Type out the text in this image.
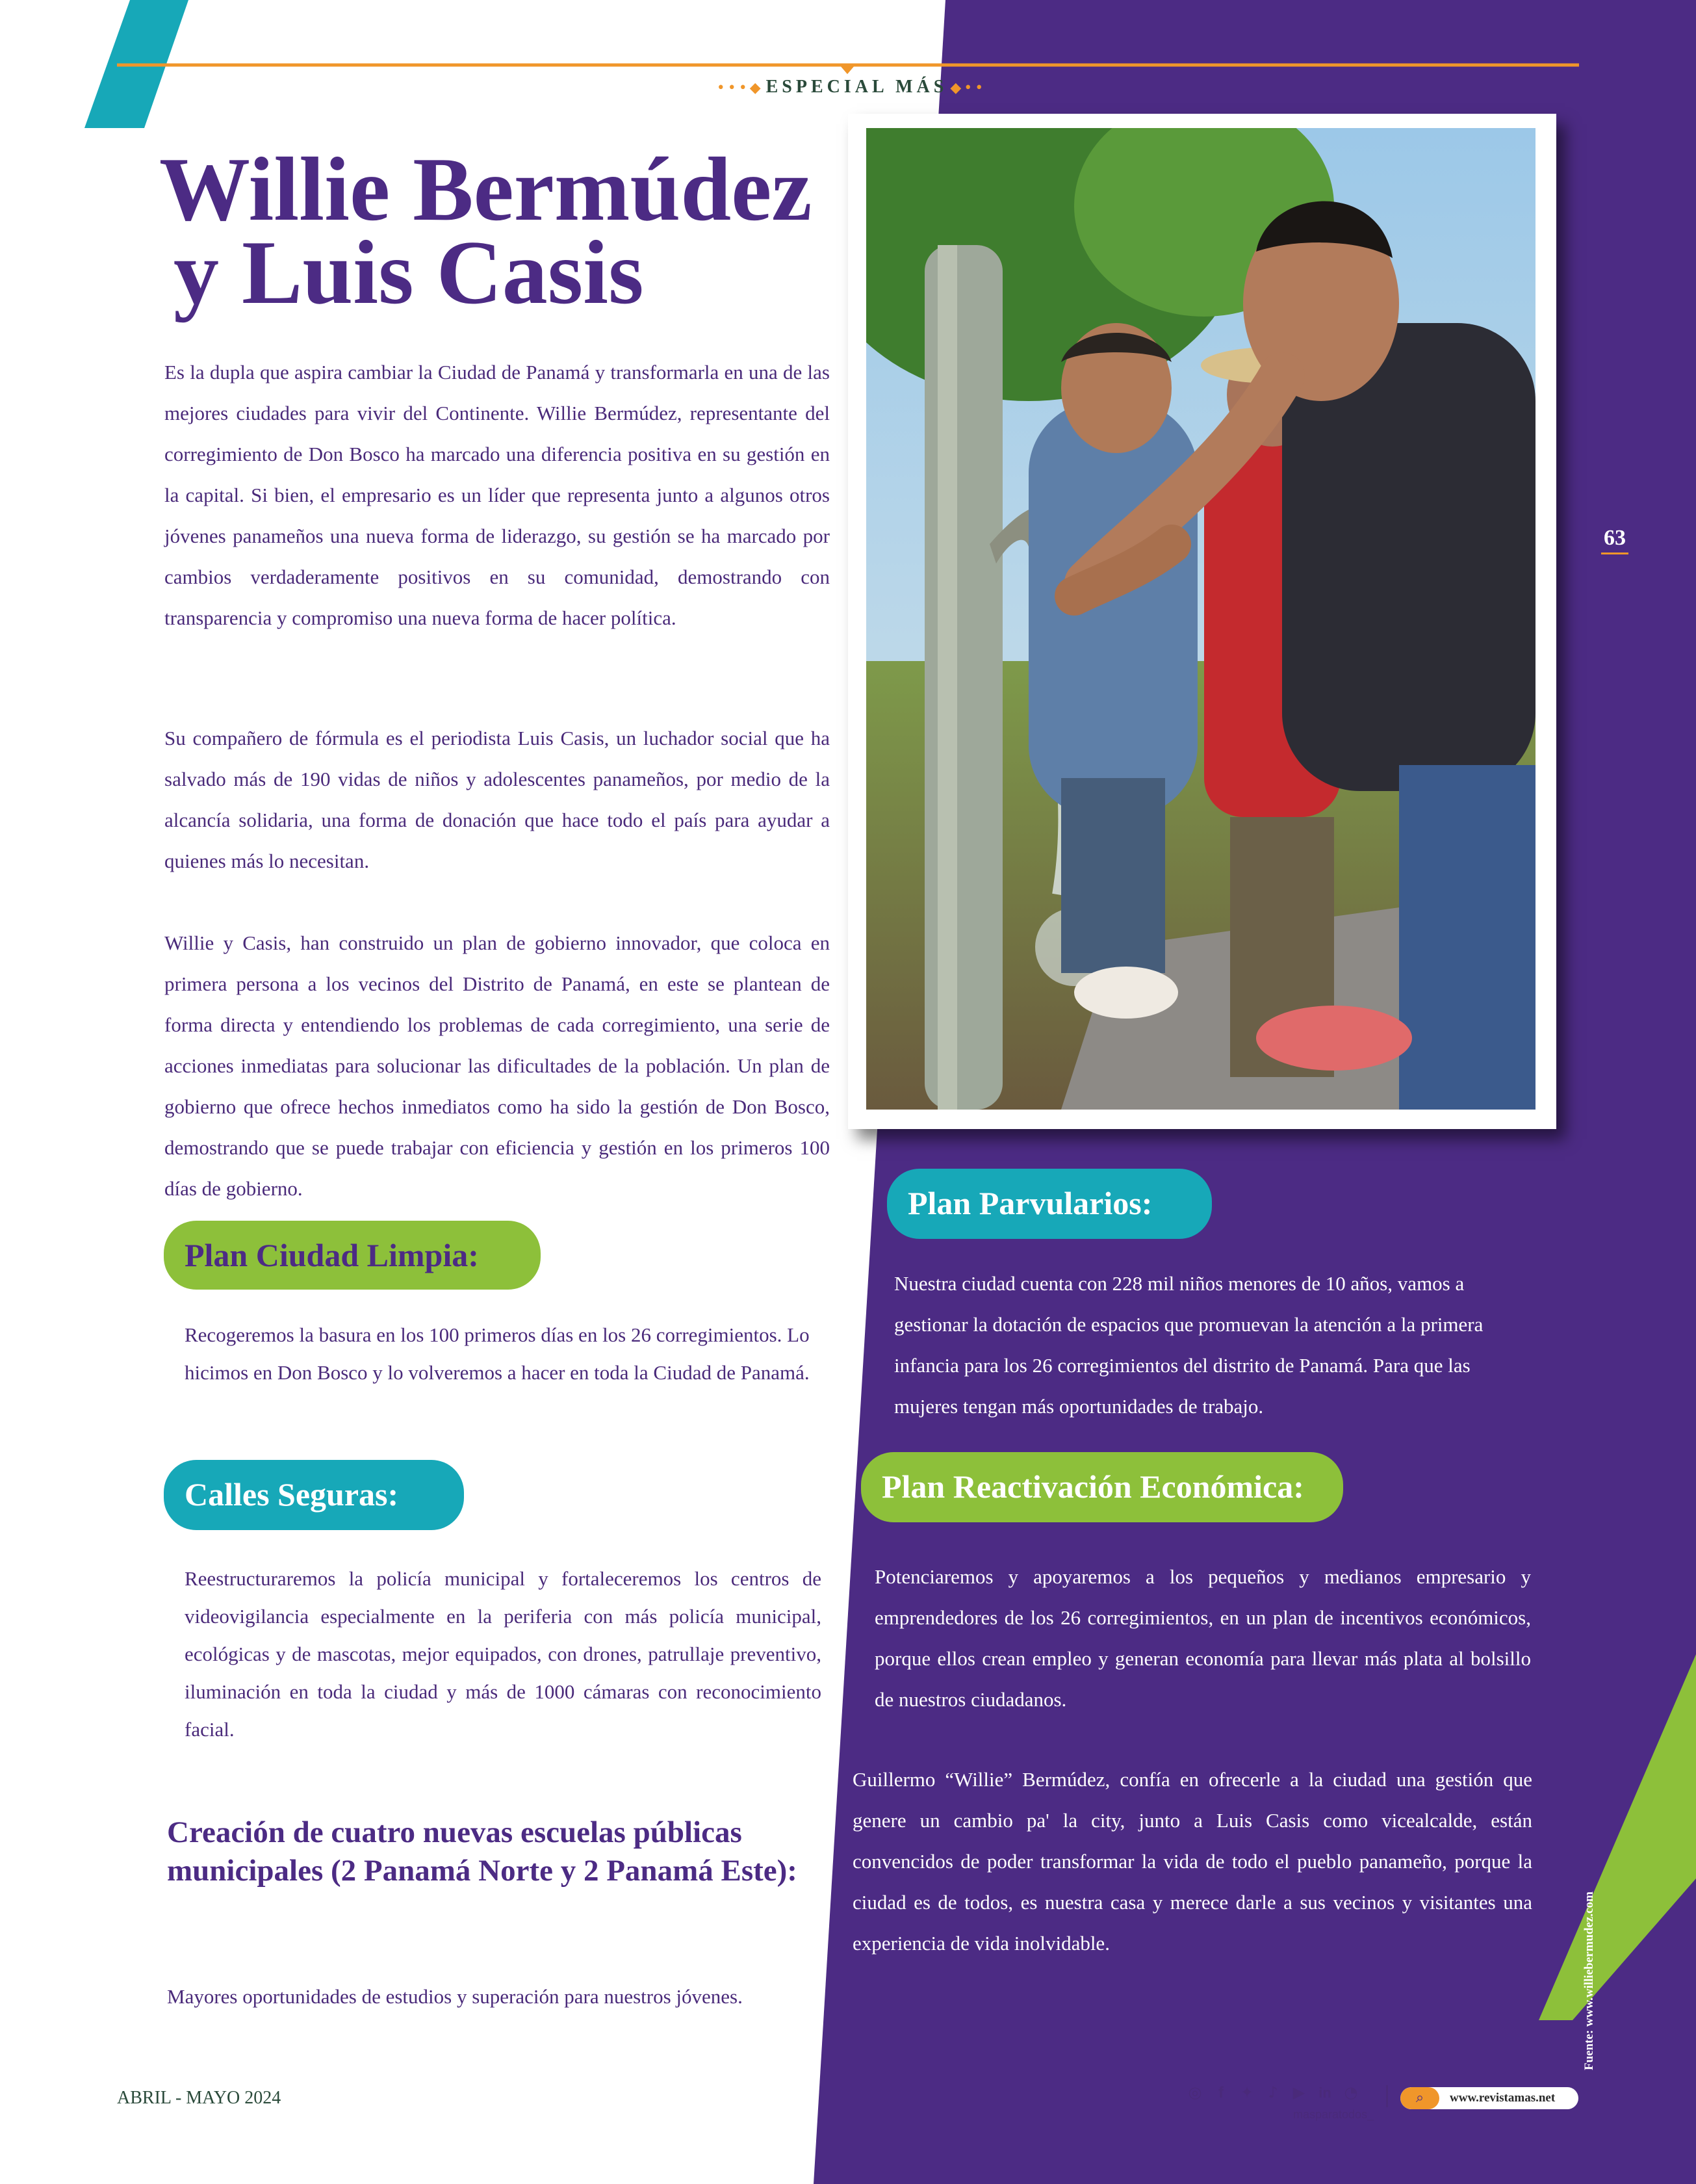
•••◆ ESPECIAL MÁS ◆••
63
Willie Bermúdez
y Luis Casis

Es la dupla que aspira cambiar la Ciudad de Panamá y transformarla en una de las mejores ciudades para vivir del Continente. Willie Bermúdez, representante del corregimiento de Don Bosco ha marcado una diferencia positiva en su gestión en la capital. Si bien, el empresario es un líder que representa junto a algunos otros jóvenes panameños una nueva forma de liderazgo, su gestión se ha marcado por cambios verdaderamente positivos en su comunidad, demostrando con transparencia y compromiso una nueva forma de hacer política.

Su compañero de fórmula es el periodista Luis Casis, un luchador social que ha salvado más de 190 vidas de niños y adolescentes panameños, por medio de la alcancía solidaria, una forma de donación que hace todo el país para ayudar a quienes más lo necesitan.

Willie y Casis, han construido un plan de gobierno innovador, que coloca en primera persona a los vecinos del Distrito de Panamá, en este se plantean de forma directa y entendiendo los problemas de cada corregimiento, una serie de acciones inmediatas para solucionar las dificultades de la población. Un plan de gobierno que ofrece hechos inmediatos como ha sido la gestión de Don Bosco, demostrando que se puede trabajar con eficiencia y gestión en los primeros 100 días de gobierno.

Plan Ciudad Limpia:

Recogeremos la basura en los 100 primeros días en los 26 corregimientos. Lo hicimos en Don Bosco y lo volveremos a hacer en toda la Ciudad de Panamá.

Calles Seguras:

Reestructuraremos la policía municipal y fortaleceremos los centros de videovigilancia especialmente en la periferia con más policía municipal, ecológicas y de mascotas, mejor equipados, con drones, patrullaje preventivo, iluminación en toda la ciudad y más de 1000 cámaras con reconocimiento facial.

Creación de cuatro nuevas escuelas públicas municipales (2 Panamá Norte y 2 Panamá Este):

Mayores oportunidades de estudios y superación para nuestros jóvenes.

Plan Parvularios:

Nuestra ciudad cuenta con 228 mil niños menores de 10 años, vamos a gestionar la dotación de espacios que promuevan la atención a la primera infancia para los 26 corregimientos del distrito de Panamá. Para que las mujeres tengan más oportunidades de trabajo.

Plan Reactivación Económica:

Potenciaremos y apoyaremos a los pequeños y medianos empresario y emprendedores de los 26 corregimientos, en un plan de incentivos económicos, porque ellos crean empleo y generan economía para llevar más plata al bolsillo de nuestros ciudadanos.

Guillermo “Willie” Bermúdez, confía en ofrecerle a la ciudad una gestión que genere un cambio pa' la city, junto a Luis Casis como vicealcalde, están convencidos de poder transformar la vida de todo el pueblo panameño, porque la ciudad es de todos, es nuestra casa y merece darle a sus vecinos y visitantes una experiencia de vida inolvidable.	Fuente: www.williebermudez.com
ABRIL - MAYO 2024	◎ f ✦ ♪ ▶ in ◔
masparatodos_
⌕	www.revistamas.net
